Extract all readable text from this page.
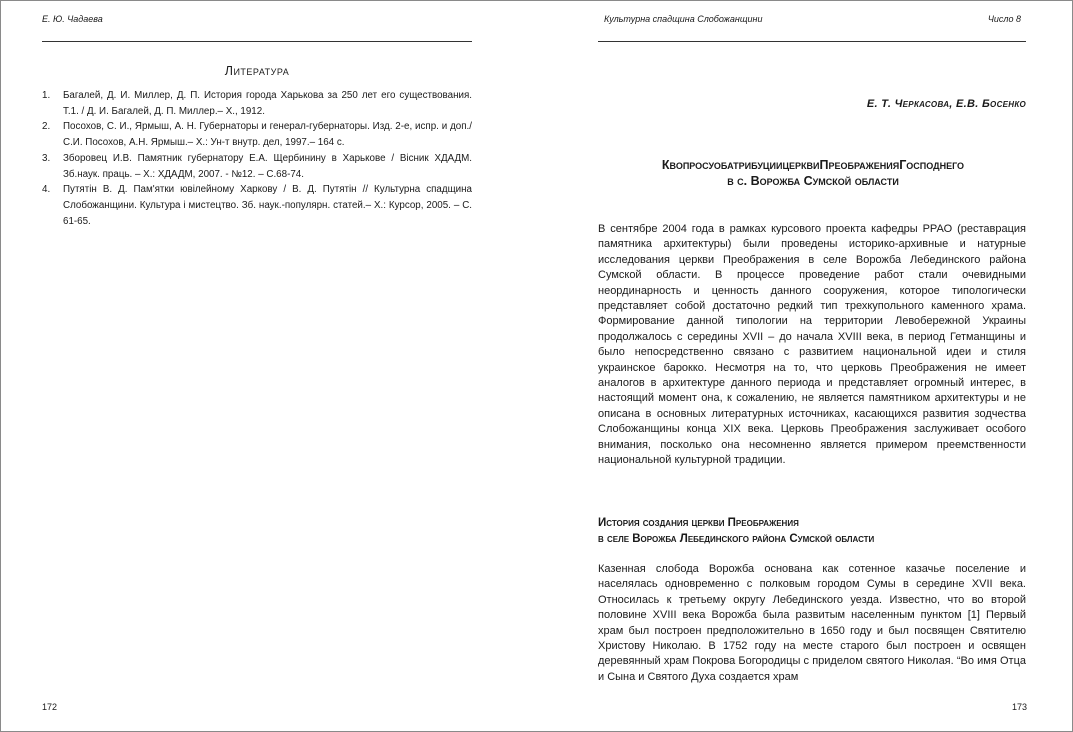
Е. Ю. Чадаева
Литература
1. Багалей, Д. И. Миллер, Д. П. История города Харькова за 250 лет его существования. Т.1. / Д. И. Багалей, Д. П. Миллер.– Х., 1912.
2. Посохов, С. И., Ярмыш, А. Н. Губернаторы и генерал-губернаторы. Изд. 2-е, испр. и доп./ С.И. Посохов, А.Н. Ярмыш.– Х.: Ун-т внутр. дел, 1997.– 164 с.
3. Зборовец И.В. Памятник губернатору Е.А. Щербинину в Харькове / Вісник ХДАДМ. Зб.наук. праць. – Х.: ХДАДМ, 2007. - №12. – С.68-74.
4. Путятін В. Д. Пам'ятки ювілейному Харкову / В. Д. Путятін // Культурна спадщина Слобожанщини. Культура і мистецтво. Зб. наук.-популярн. статей.– Х.: Курсор, 2005. – С. 61-65.
172
Культурна спадщина Слобожанщини	Число 8
Е. Т. Черкасова, Е.В. Босенко
КвопросуобатрибуциицерквиПреображенияГосподнего
в с. Ворожба Сумской области

В сентябре 2004 года в рамках курсового проекта кафедры РРАО (реставрация памятника архитектуры) были проведены историко-архивные и натурные исследования церкви Преображения в селе Ворожба Лебединского района Сумской области. В процессе проведение работ стали очевидными неординарность и ценность данного сооружения, которое типологически представляет собой достаточно редкий тип трехкупольного каменного храма. Формирование данной типологии на территории Левобережной Украины продолжалось с середины XVII – до начала XVIII века, в период Гетманщины и было непосредственно связано с развитием национальной идеи и стиля украинское барокко. Несмотря на то, что церковь Преображения не имеет аналогов в архитектуре данного периода и представляет огромный интерес, в настоящий момент она, к сожалению, не является памятником архитектуры и не описана в основных литературных источниках, касающихся развития зодчества Слобожанщины конца XIX века. Церковь Преображения заслуживает особого внимания, посколько она несомненно является примером преемственности национальной культурной традиции.

История создания церкви Преображения
в селе Ворожба Лебединского района Сумской области

Казенная слобода Ворожба основана как сотенное казачье поселение и населялась одновременно с полковым городом Сумы в середине XVII века. Относилась к третьему округу Лебединского уезда. Известно, что во второй половине XVIII века Ворожба была развитым населенным пунктом [1] Первый храм был построен предположительно в 1650 году и был посвящен Святителю Христову Николаю. В 1752 году на месте старого был построен и освящен деревянный храм Покрова Богородицы с приделом святого Николая. “Во имя Отца и Сына и Святого Духа создается храм

173
